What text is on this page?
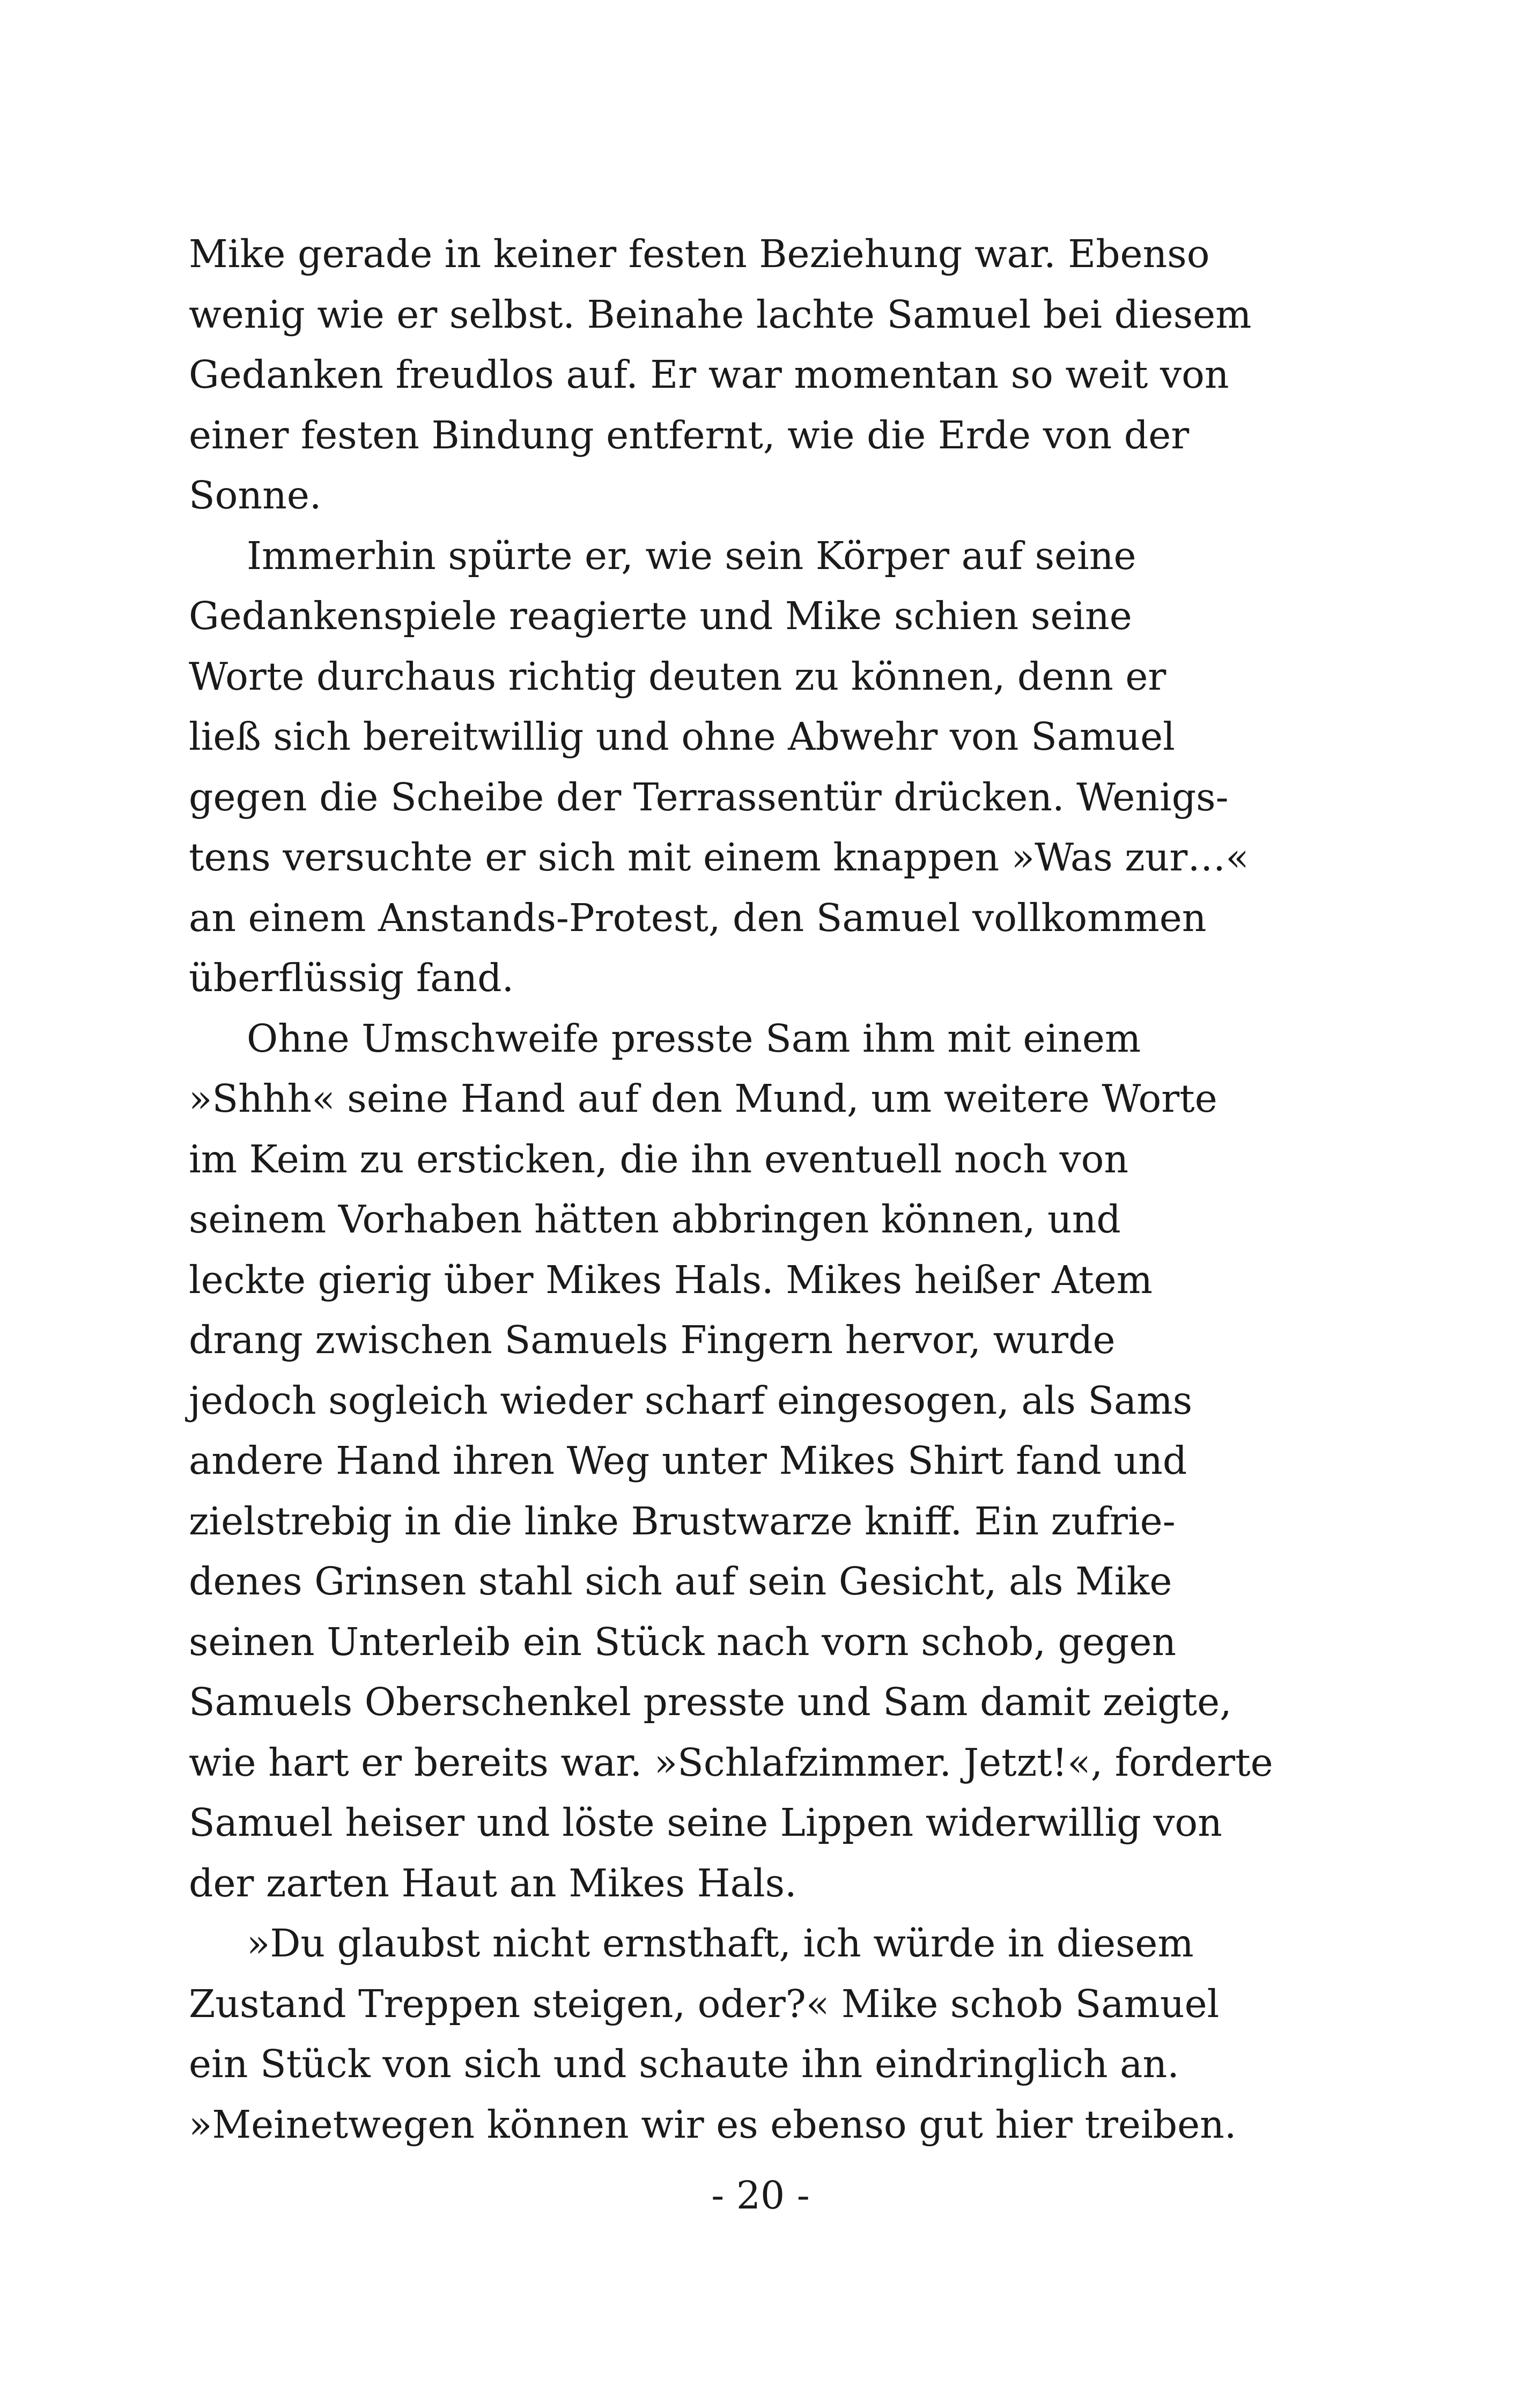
Mike gerade in keiner festen Beziehung war. Ebenso
wenig wie er selbst. Beinahe lachte Samuel bei diesem
Gedanken freudlos auf. Er war momentan so weit von
einer festen Bindung entfernt, wie die Erde von der
Sonne.
Immerhin spürte er, wie sein Körper auf seine
Gedankenspiele reagierte und Mike schien seine
Worte durchaus richtig deuten zu können, denn er
ließ sich bereitwillig und ohne Abwehr von Samuel
gegen die Scheibe der Terrassentür drücken. Wenigs-
tens versuchte er sich mit einem knappen »Was zur…«
an einem Anstands-Protest, den Samuel vollkommen
überflüssig fand.
Ohne Umschweife presste Sam ihm mit einem
»Shhh« seine Hand auf den Mund, um weitere Worte
im Keim zu ersticken, die ihn eventuell noch von
seinem Vorhaben hätten abbringen können, und
leckte gierig über Mikes Hals. Mikes heißer Atem
drang zwischen Samuels Fingern hervor, wurde
jedoch sogleich wieder scharf eingesogen, als Sams
andere Hand ihren Weg unter Mikes Shirt fand und
zielstrebig in die linke Brustwarze kniff. Ein zufrie-
denes Grinsen stahl sich auf sein Gesicht, als Mike
seinen Unterleib ein Stück nach vorn schob, gegen
Samuels Oberschenkel presste und Sam damit zeigte,
wie hart er bereits war. »Schlafzimmer. Jetzt!«, forderte
Samuel heiser und löste seine Lippen widerwillig von
der zarten Haut an Mikes Hals.
»Du glaubst nicht ernsthaft, ich würde in diesem
Zustand Treppen steigen, oder?« Mike schob Samuel
ein Stück von sich und schaute ihn eindringlich an.
»Meinetwegen können wir es ebenso gut hier treiben.
- 20 -
